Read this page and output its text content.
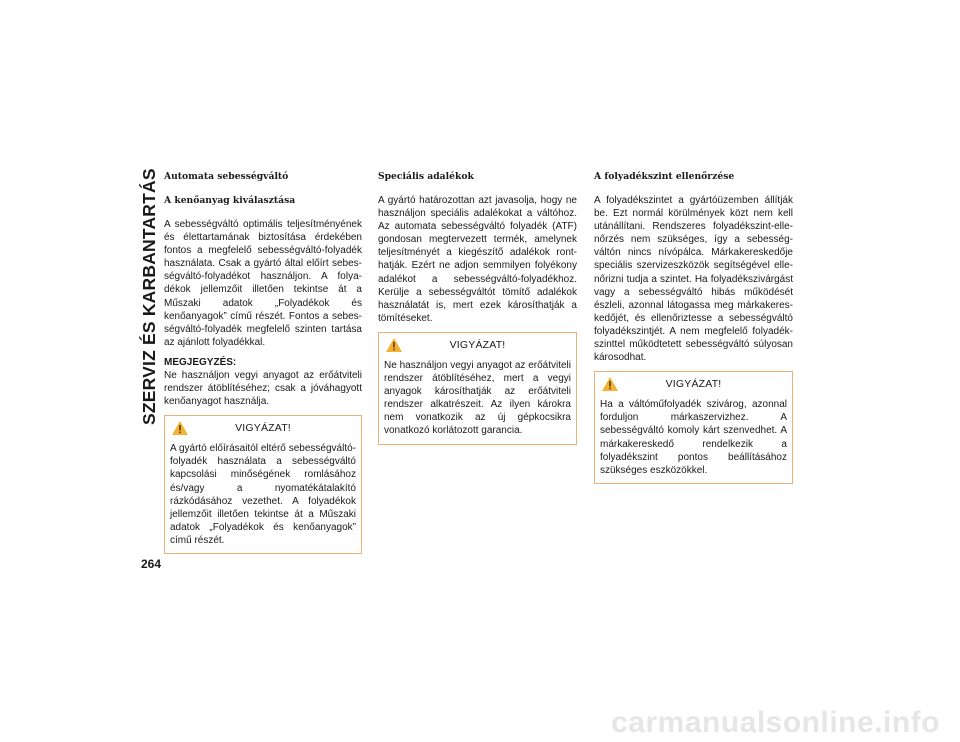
SZERVIZ ÉS KARBANTARTÁS Automata sebességváltó

A kenőanyag kiválasztása

A sebességváltó optimális teljesítményének és élettartamának biztosítása érdekében fontos a megfelelő sebességváltó-folyadék használata. Csak a gyártó által előírt sebességváltó-folyadékot használjon. A folyadékok jellemzőit illetően tekintse át a Műszaki adatok „Folyadékok és kenőanyagok” című részét. Fontos a sebességváltó-folyadék megfelelő szinten tartása az ajánlott folyadékkal.

MEGJEGYZÉS:

Ne használjon vegyi anyagot az erőátviteli rendszer átöblítéséhez; csak a jóváhagyott kenőanyagot használja.

VIGYÁZAT!

A gyártó előírásaitól eltérő sebességváltó-folyadék használata a sebességváltó kapcsolási minőségének romlásához és/vagy a nyomatékátalakító rázkódásához vezethet. A folyadékok jellemzőit illetően tekintse át a Műszaki adatok „Folyadékok és kenőanyagok” című részét.

Speciális adalékok

A gyártó határozottan azt javasolja, hogy ne használjon speciális adalékokat a váltóhoz. Az automata sebességváltó folyadék (ATF) gondosan megtervezett termék, amelynek teljesítményét a kiegészítő adalékok ronthatják. Ezért ne adjon semmilyen folyékony adalékot a sebességváltó-folyadékhoz. Kerülje a sebességváltót tömítő adalékok használatát is, mert ezek károsíthatják a tömítéseket.

VIGYÁZAT!

Ne használjon vegyi anyagot az erőátviteli rendszer átöblítéséhez, mert a vegyi anyagok károsíthatják az erőátviteli rendszer alkatrészeit. Az ilyen károkra nem vonatkozik az új gépkocsikra vonatkozó korlátozott garancia.

A folyadékszint ellenőrzése

A folyadékszintet a gyártóüzemben állítják be. Ezt normál körülmények közt nem kell utánállítani. Rendszeres folyadékszint-ellenőrzés nem szükséges, így a sebességváltón nincs nívópálca. Márkakereskedője speciális szervizeszközök segítségével ellenőrizni tudja a szintet. Ha folyadékszivárgást vagy a sebességváltó hibás működését észleli, azonnal látogassa meg márkakereskedőjét, és ellenőriztesse a sebességváltó folyadékszintjét. A nem megfelelő folyadékszinttel működtetett sebességváltó súlyosan károsodhat.

VIGYÁZAT!

Ha a váltóműfolyadék szivárog, azonnal forduljon márkaszervizhez. A sebességváltó komoly kárt szenvedhet. A márkakereskedő rendelkezik a folyadékszint pontos beállításához szükséges eszközökkel.

264
carmanualsonline.info
